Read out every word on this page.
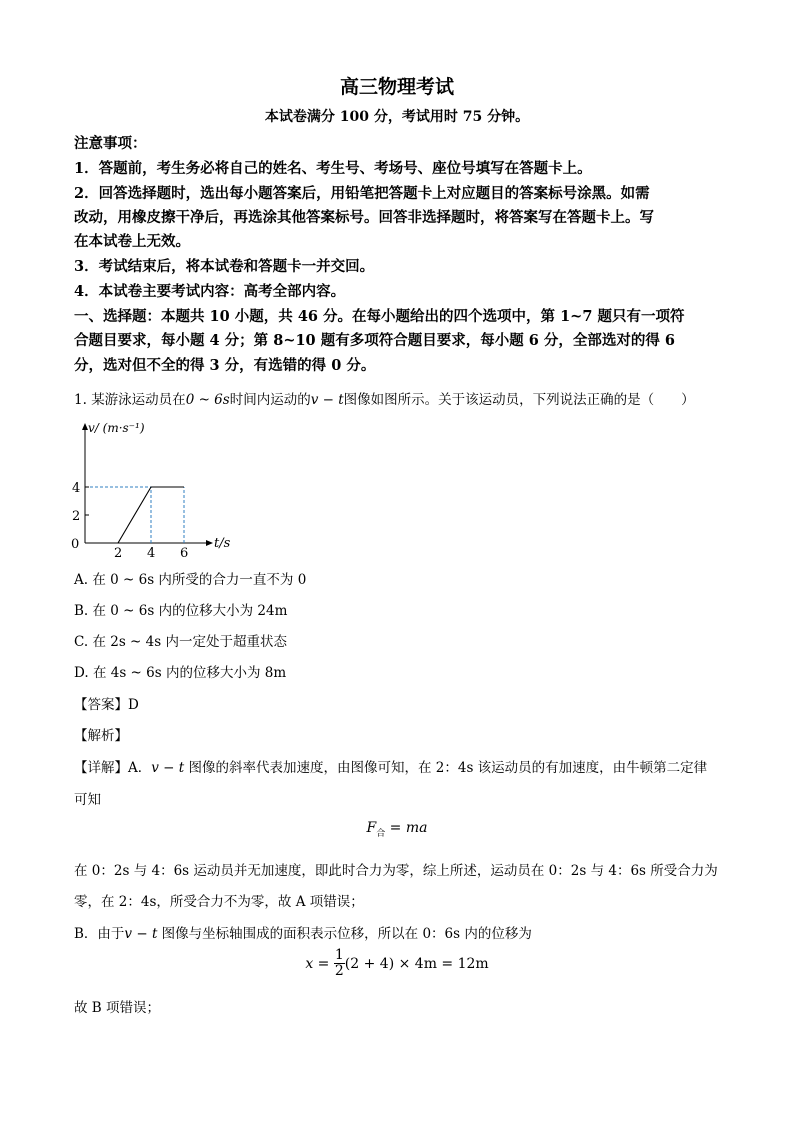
高三物理考试
本试卷满分 100 分，考试用时 75 分钟。
注意事项：
1．答题前，考生务必将自己的姓名、考生号、考场号、座位号填写在答题卡上。
2．回答选择题时，选出每小题答案后，用铅笔把答题卡上对应题目的答案标号涂黑。如需
改动，用橡皮擦干净后，再选涂其他答案标号。回答非选择题时，将答案写在答题卡上。写
在本试卷上无效。
3．考试结束后，将本试卷和答题卡一并交回。
4．本试卷主要考试内容：高考全部内容。
一、选择题：本题共 10 小题，共 46 分。在每小题给出的四个选项中，第 1~7 题只有一项符
合题目要求，每小题 4 分；第 8~10 题有多项符合题目要求，每小题 6 分，全部选对的得 6
分，选对但不全的得 3 分，有选错的得 0 分。
1. 某游泳运动员在0 ~ 6s时间内运动的v − t图像如图所示。关于该运动员，下列说法正确的是（　　）
4
2
2 4 6
v/ (m·s⁻¹)
t/s
0
A. 在 0 ~ 6s 内所受的合力一直不为 0
B. 在 0 ~ 6s 内的位移大小为 24m
C. 在 2s ~ 4s 内一定处于超重状态
D. 在 4s ~ 6s 内的位移大小为 8m
【答案】D
【解析】
【详解】A．v − t 图像的斜率代表加速度，由图像可知，在 2：4s 该运动员的有加速度，由牛顿第二定律
可知
$F_合$ = ma
在 0：2s 与 4：6s 运动员并无加速度，即此时合力为零，综上所述，运动员在 0：2s 与 4：6s 所受合力为
零，在 2：4s，所受合力不为零，故 A 项错误；
B．由于v − t 图像与坐标轴围成的面积表示位移，所以在 0：6s 内的位移为
$x = \frac{1}{2} (2 + 4) \times 4m = 12m$
故 B 项错误；
